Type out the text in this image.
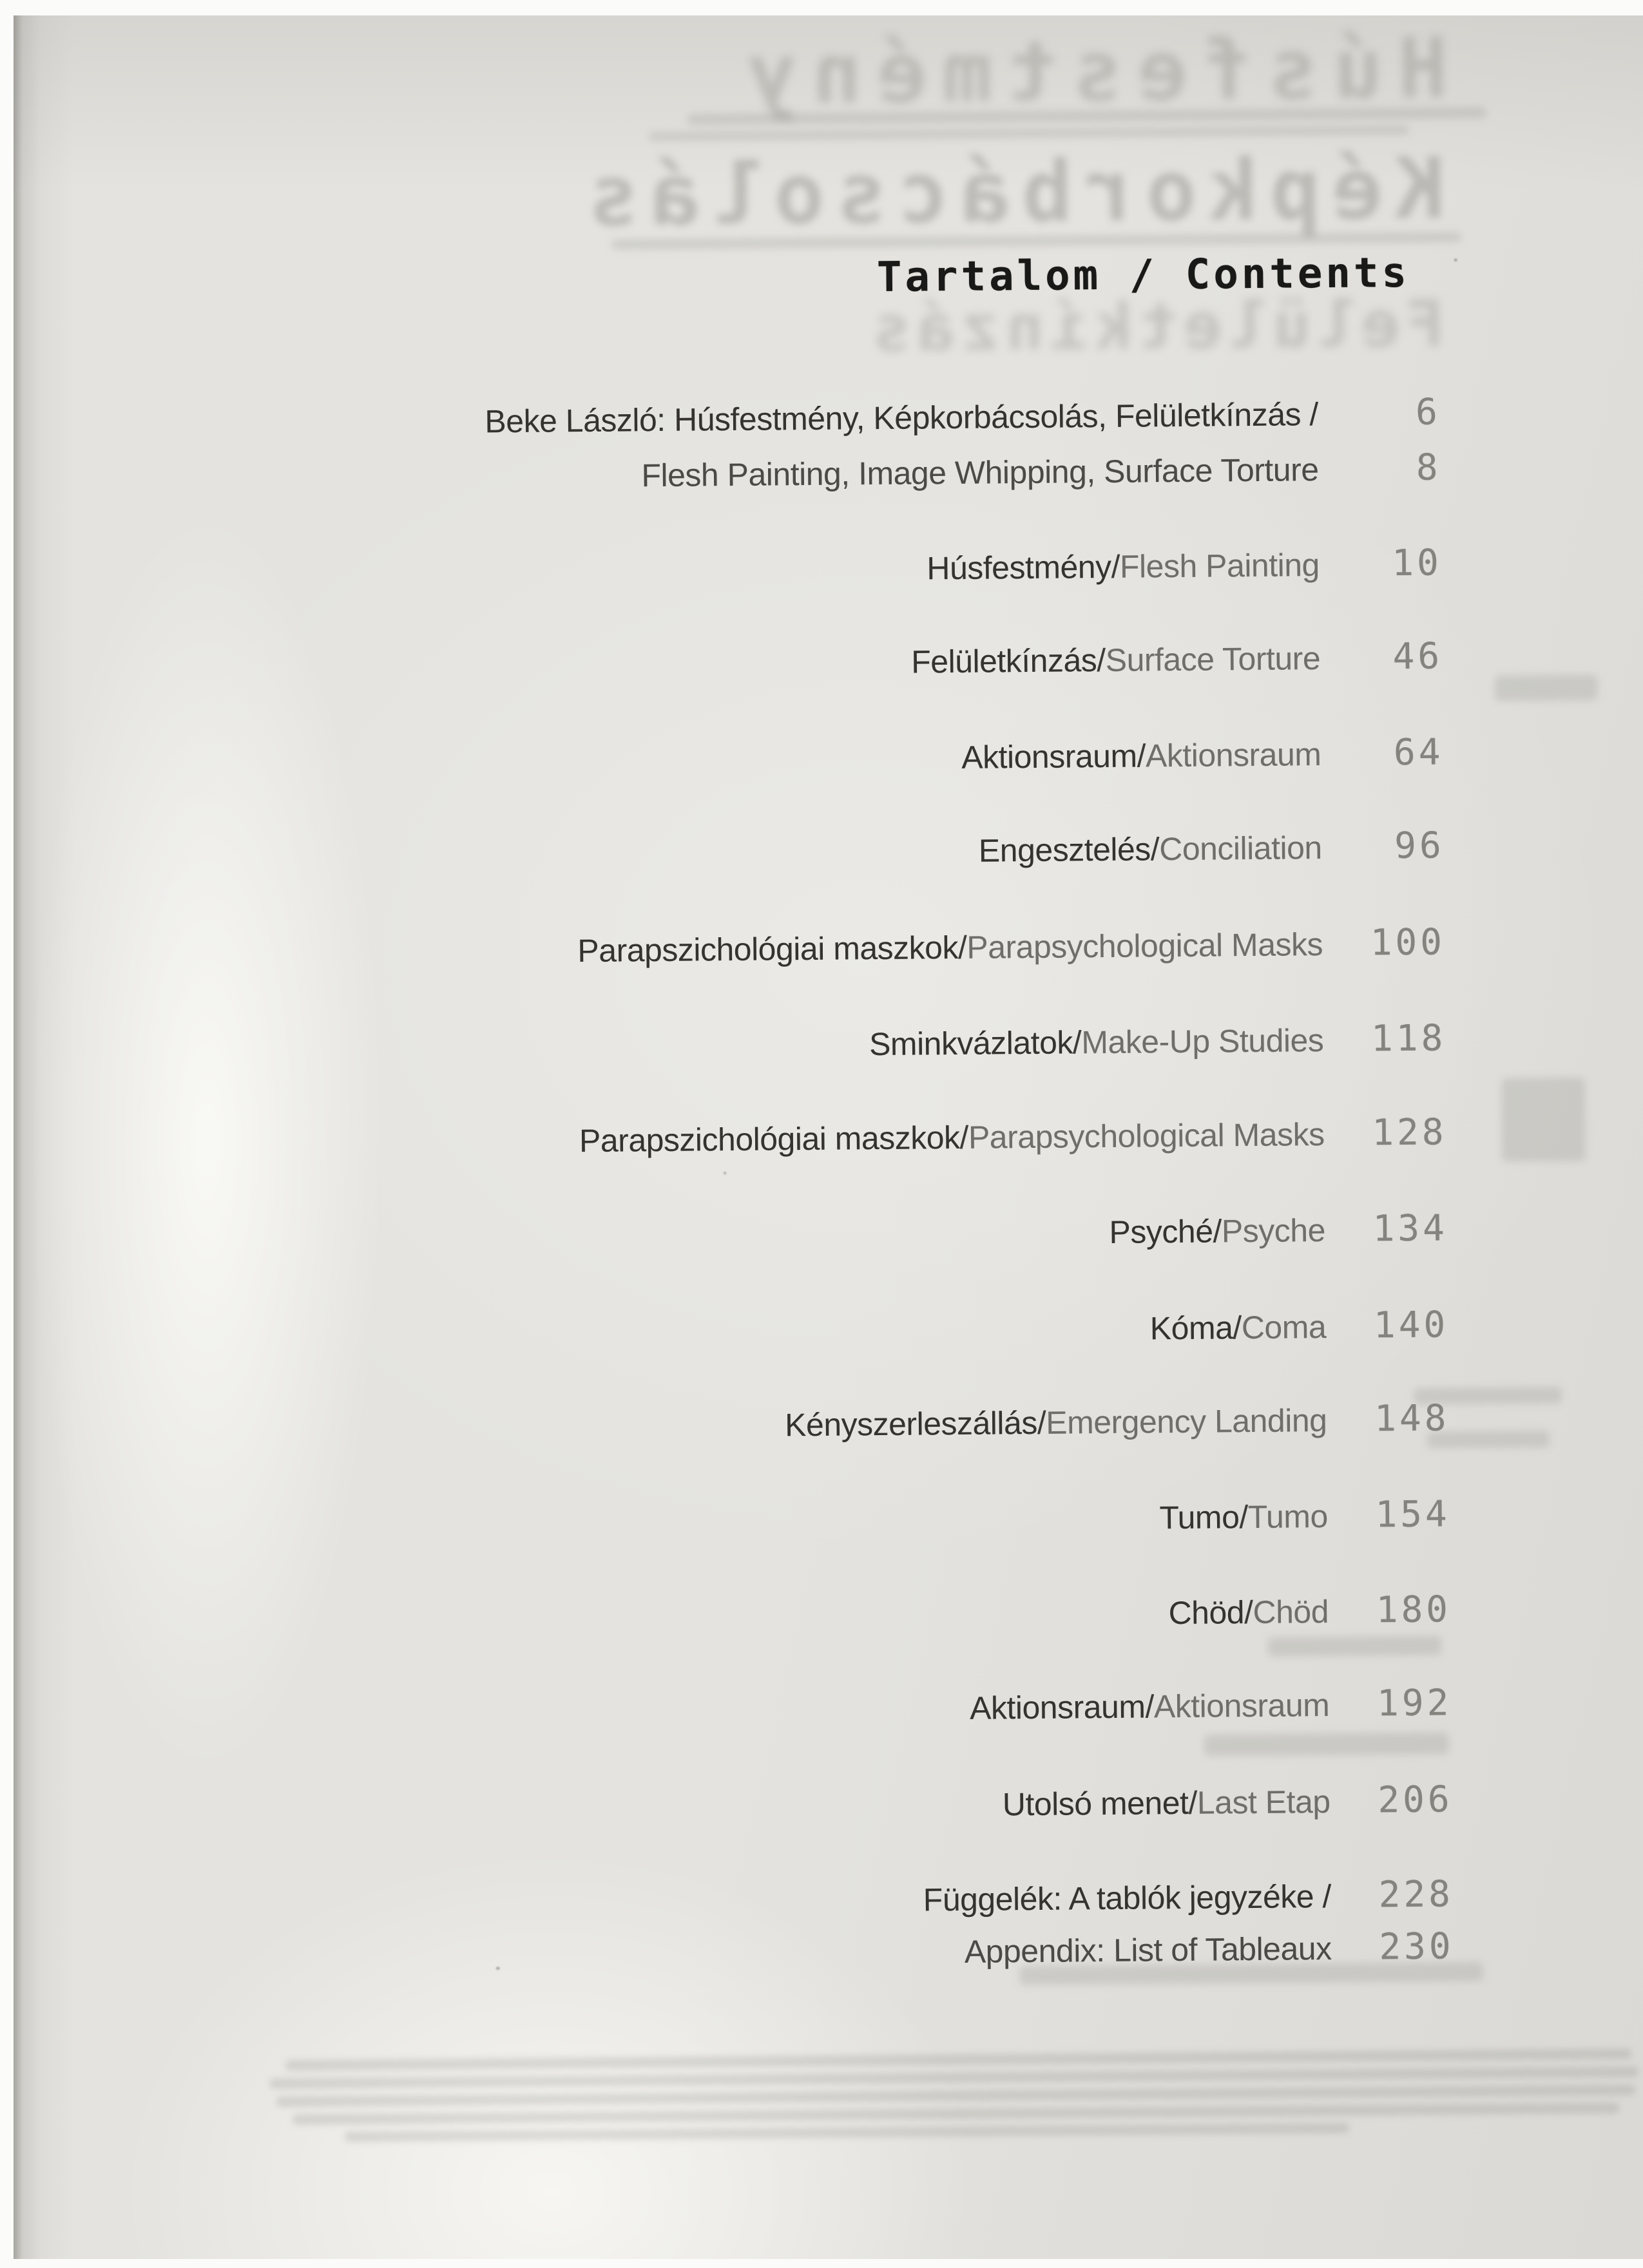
Húsfestmény
Képkorbácsolás
Felületkínzás
Tartalom / Contents
Beke László: Húsfestmény, Képkorbácsolás, Felületkínzás /	6
Flesh Painting, Image Whipping, Surface Torture	8
Húsfestmény / Flesh Painting	10
Felületkínzás / Surface Torture	46
Aktionsraum / Aktionsraum	64
Engesztelés / Conciliation	96
Parapszichológiai maszkok / Parapsychological Masks	100
Sminkvázlatok / Make-Up Studies	118
Parapszichológiai maszkok / Parapsychological Masks	128
Psyché / Psyche	134
Kóma / Coma	140
Kényszerleszállás / Emergency Landing	148
Tumo / Tumo	154
Chöd / Chöd	180
Aktionsraum / Aktionsraum	192
Utolsó menet / Last Etap	206
Függelék: A tablók jegyzéke /	228
Appendix: List of Tableaux	230
